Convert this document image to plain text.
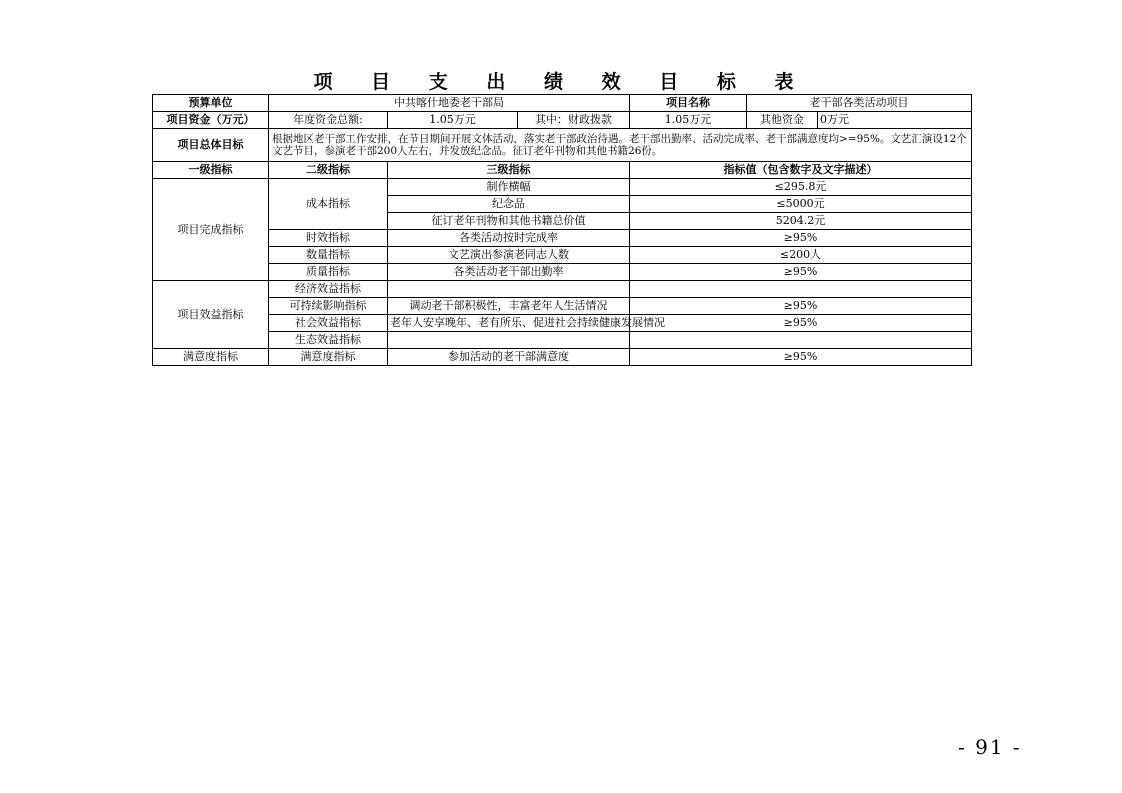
项 目 支 出 绩 效 目 标 表
预算单位	中共喀什地委老干部局			项目名称	老干部各类活动项目	
项目资金（万元）	年度资金总额:	1.05万元	其中：财政拨款	1.05万元	其他资金	0万元
项目总体目标	根据地区老干部工作安排，在节日期间开展文体活动，落实老干部政治待遇。老干部出勤率、活动完成率、老干部满意度均>=95%。文艺汇演设12个文艺节目，参演老干部200人左右，并发放纪念品。征订老年刊物和其他书籍26份。					
一级指标	二级指标	三级指标		指标值（包含数字及文字描述）		
项目完成指标	成本指标	制作横幅		≤295.8元		
		纪念品		≤5000元		
		征订老年刊物和其他书籍总价值		5204.2元		
	时效指标	各类活动按时完成率		≥95%		
	数量指标	文艺演出参演老同志人数		≤200人		
	质量指标	各类活动老干部出勤率		≥95%		
项目效益指标	经济效益指标					
	可持续影响指标	调动老干部积极性，丰富老年人生活情况		≥95%		
	社会效益指标	老年人安享晚年、老有所乐、促进社会持续健康发展情况		≥95%		
	生态效益指标					
满意度指标	满意度指标	参加活动的老干部满意度		≥95%		
- 91 -
